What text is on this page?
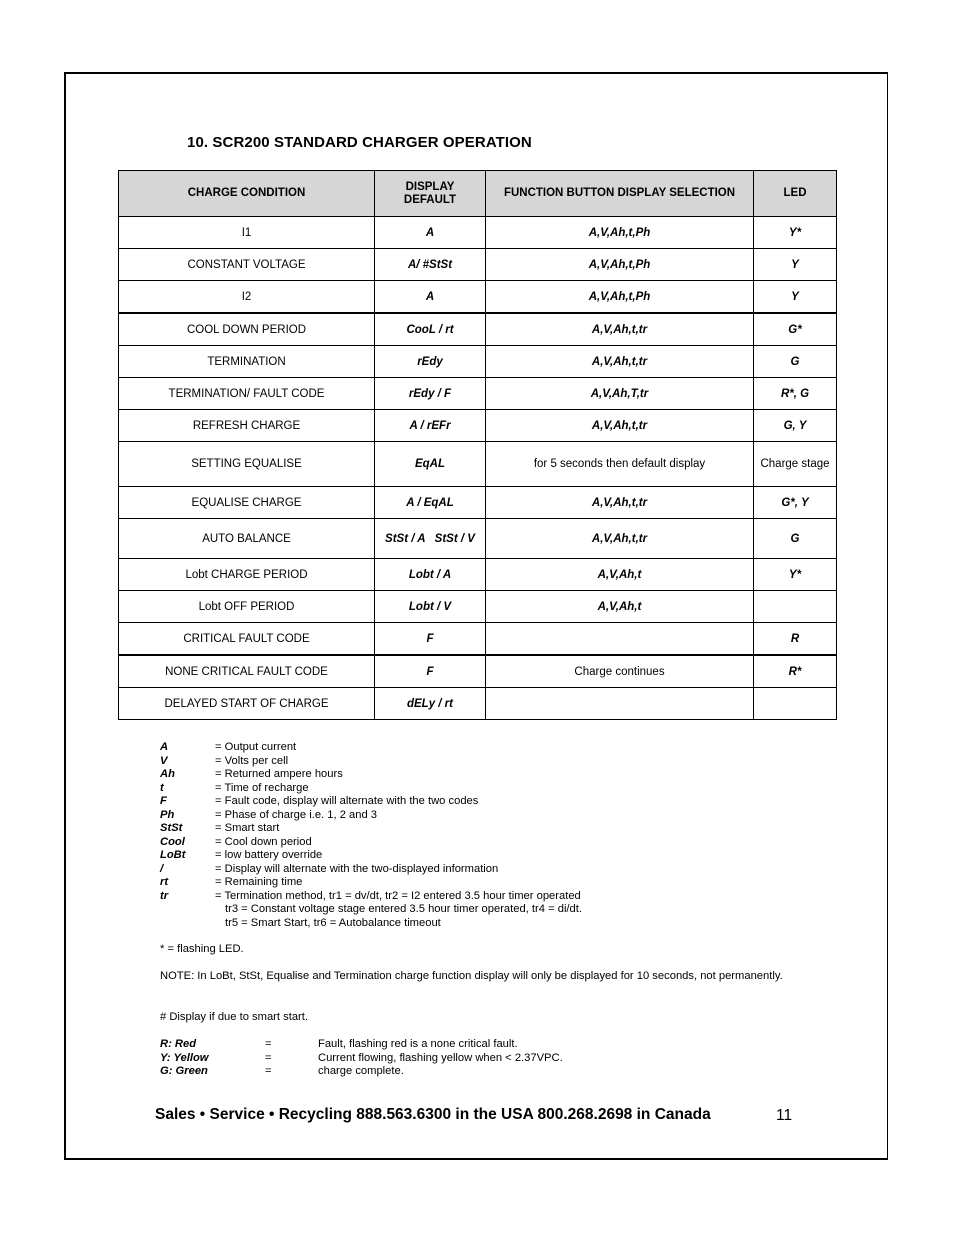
10. SCR200 STANDARD CHARGER OPERATION
CHARGE CONDITION	DISPLAY DEFAULT	FUNCTION BUTTON DISPLAY SELECTION	LED
I1	A	A,V,Ah,t,Ph	Y*
CONSTANT VOLTAGE	A/ #StSt	A,V,Ah,t,Ph	Y
I2	A	A,V,Ah,t,Ph	Y
COOL DOWN PERIOD	CooL / rt	A,V,Ah,t,tr	G*
TERMINATION	rEdy	A,V,Ah,t,tr	G
TERMINATION/ FAULT CODE	rEdy / F	A,V,Ah,T,tr	R*, G
REFRESH CHARGE	A / rEFr	A,V,Ah,t,tr	G, Y
SETTING EQUALISE	EqAL	for 5 seconds then default display	Charge stage
EQUALISE CHARGE	A / EqAL	A,V,Ah,t,tr	G*, Y
AUTO BALANCE	StSt / A   StSt / V	A,V,Ah,t,tr	G
Lobt CHARGE PERIOD	Lobt / A	A,V,Ah,t	Y*
Lobt OFF PERIOD	Lobt / V	A,V,Ah,t	
CRITICAL FAULT CODE	F		R
NONE CRITICAL FAULT CODE	F	Charge continues	R*
DELAYED START OF CHARGE	dELy / rt		
A	= Output current
V	= Volts per cell
Ah	= Returned ampere hours
t	= Time of recharge
F	= Fault code, display will alternate with the two codes
Ph	= Phase of charge i.e. 1, 2 and 3
StSt	= Smart start
Cool	= Cool down period
LoBt	= low battery override
/	= Display will alternate with the two-displayed information
rt	= Remaining time
tr	= Termination method, tr1 = dv/dt, tr2 = I2 entered 3.5 hour timer operated
tr3 = Constant voltage stage entered 3.5 hour timer operated, tr4 = di/dt.
tr5 = Smart Start, tr6 = Autobalance timeout

* = flashing LED.

NOTE: In LoBt, StSt, Equalise and Termination charge function display will only be displayed for 10 seconds, not permanently.

# Display if due to smart start.

R: Red	=	Fault, flashing red is a none critical fault.
Y: Yellow	=	Current flowing, flashing yellow when < 2.37VPC.
G: Green	=	charge complete.
Sales • Service • Recycling 888.563.6300 in the USA 800.268.2698 in Canada	11
